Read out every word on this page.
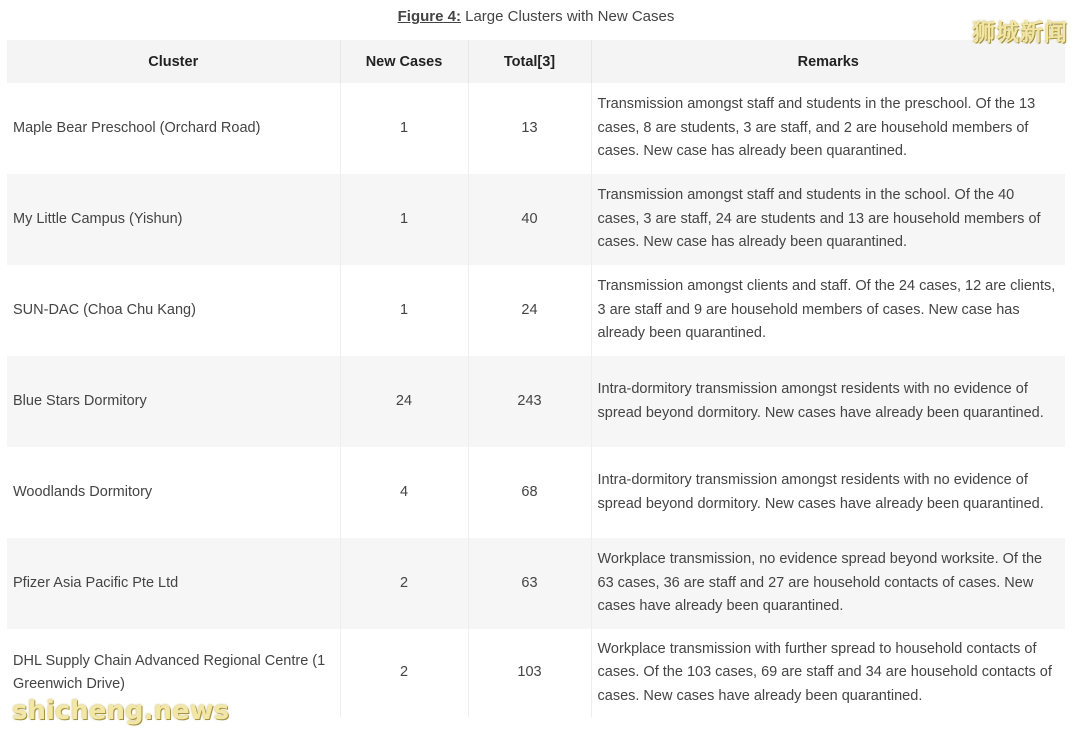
Figure 4: Large Clusters with New Cases
Cluster	New Cases	Total[3]	Remarks
Maple Bear Preschool (Orchard Road)	1	13	Transmission amongst staff and students in the preschool. Of the 13 cases, 8 are students, 3 are staff, and 2 are household members of cases. New case has already been quarantined.
My Little Campus (Yishun)	1	40	Transmission amongst staff and students in the school. Of the 40 cases, 3 are staff, 24 are students and 13 are household members of cases. New case has already been quarantined.
SUN-DAC (Choa Chu Kang)	1	24	Transmission amongst clients and staff. Of the 24 cases, 12 are clients, 3 are staff and 9 are household members of cases. New case has already been quarantined.
Blue Stars Dormitory	24	243	Intra-dormitory transmission amongst residents with no evidence of spread beyond dormitory. New cases have already been quarantined.
Woodlands Dormitory	4	68	Intra-dormitory transmission amongst residents with no evidence of spread beyond dormitory. New cases have already been quarantined.
Pfizer Asia Pacific Pte Ltd	2	63	Workplace transmission, no evidence spread beyond worksite. Of the 63 cases, 36 are staff and 27 are household contacts of cases. New cases have already been quarantined.
DHL Supply Chain Advanced Regional Centre (1 Greenwich Drive)	2	103	Workplace transmission with further spread to household contacts of cases. Of the 103 cases, 69 are staff and 34 are household contacts of cases. New cases have already been quarantined.
狮城新闻
shicheng.news
